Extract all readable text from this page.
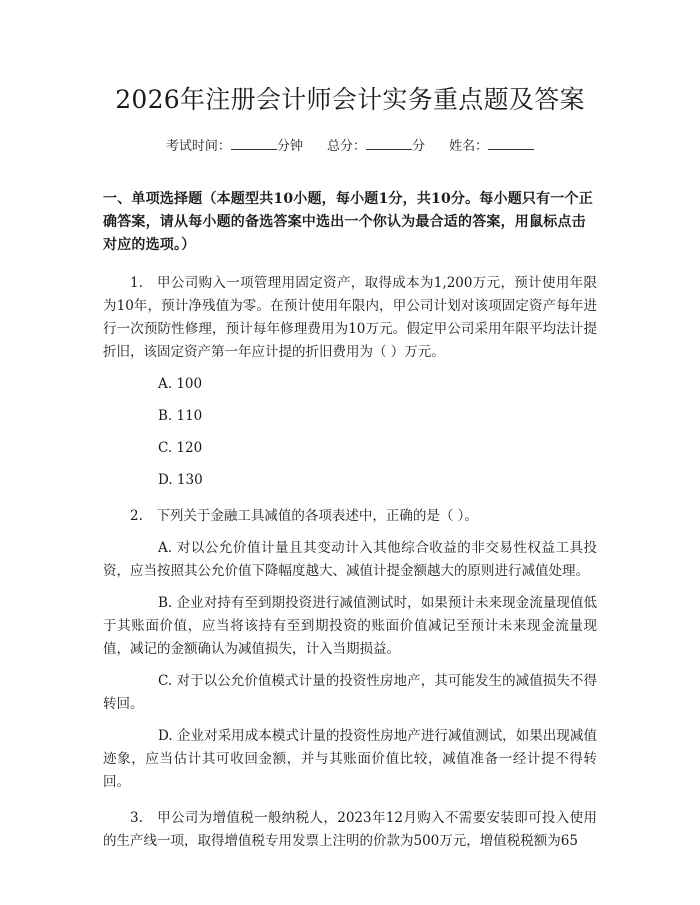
2026年注册会计师会计实务重点题及答案
考试时间：	分钟 总分：	分 姓名：
一、单项选择题（本题型共10小题，每小题1分，共10分。每小题只有一个正确答案，请从每小题的备选答案中选出一个你认为最合适的答案，用鼠标点击对应的选项。）
1.　甲公司购入一项管理用固定资产，取得成本为1,200万元，预计使用年限为10年，预计净残值为零。在预计使用年限内，甲公司计划对该项固定资产每年进行一次预防性修理，预计每年修理费用为10万元。假定甲公司采用年限平均法计提折旧，该固定资产第一年应计提的折旧费用为（ ）万元。
A. 100
B. 110
C. 120
D. 130
2.　下列关于金融工具减值的各项表述中，正确的是（ ）。
A. 对以公允价值计量且其变动计入其他综合收益的非交易性权益工具投资，应当按照其公允价值下降幅度越大、减值计提金额越大的原则进行减值处理。
B. 企业对持有至到期投资进行减值测试时，如果预计未来现金流量现值低于其账面价值，应当将该持有至到期投资的账面价值减记至预计未来现金流量现值，减记的金额确认为减值损失，计入当期损益。
C. 对于以公允价值模式计量的投资性房地产，其可能发生的减值损失不得转回。
D. 企业对采用成本模式计量的投资性房地产进行减值测试，如果出现减值迹象，应当估计其可收回金额，并与其账面价值比较，减值准备一经计提不得转回。
3.　甲公司为增值税一般纳税人，2023年12月购入不需要安装即可投入使用的生产线一项，取得增值税专用发票上注明的价款为500万元，增值税税额为65
